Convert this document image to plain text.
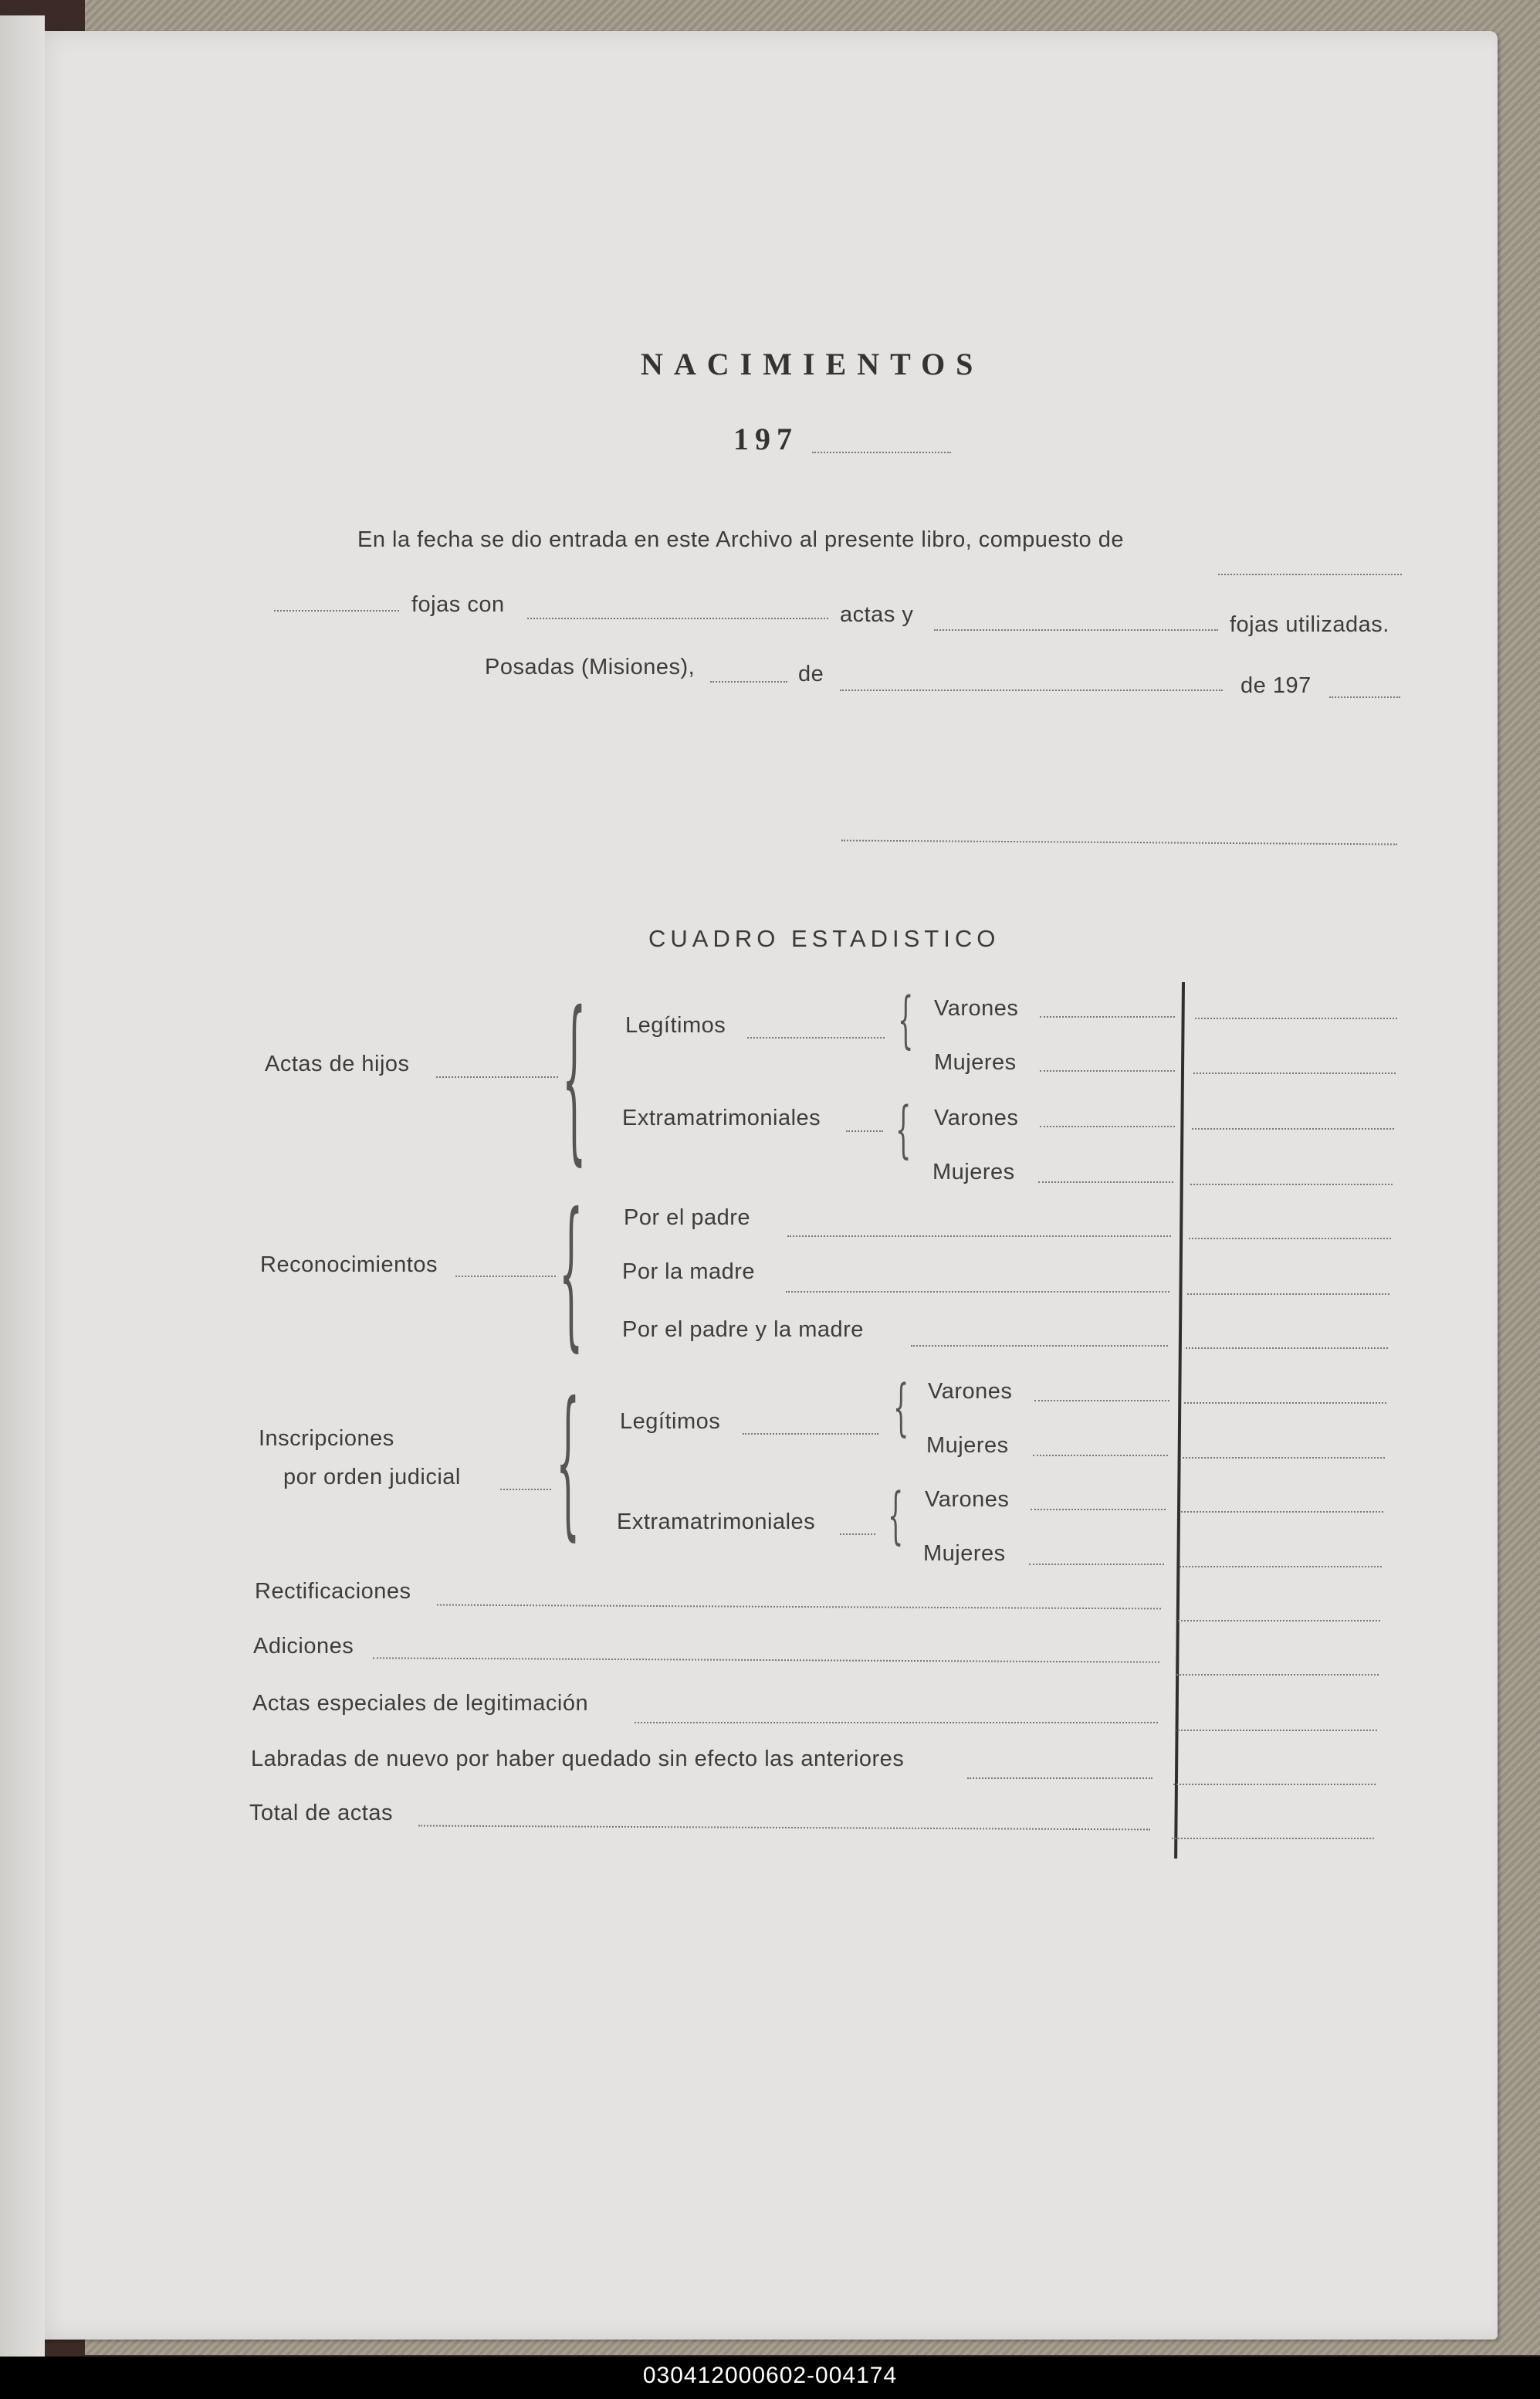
NACIMIENTOS
197
En la fecha se dio entrada en este Archivo al presente libro, compuesto de
fojas con	actas y	fojas utilizadas.
Posadas (Misiones),	de	de 197
CUADRO ESTADISTICO
Actas de hijos	{ Legítimos	{ Varones
Mujeres
Extramatrimoniales { Varones
Mujeres
Reconocimientos	{ Por el padre
Por la madre
Por el padre y la madre
Inscripciones
por orden judicial { Legítimos	{ Varones
Mujeres
Extramatrimoniales { Varones
Mujeres
Rectificaciones
Adiciones
Actas especiales de legitimación
Labradas de nuevo por haber quedado sin efecto las anteriores
Total de actas
030412000602-004174
